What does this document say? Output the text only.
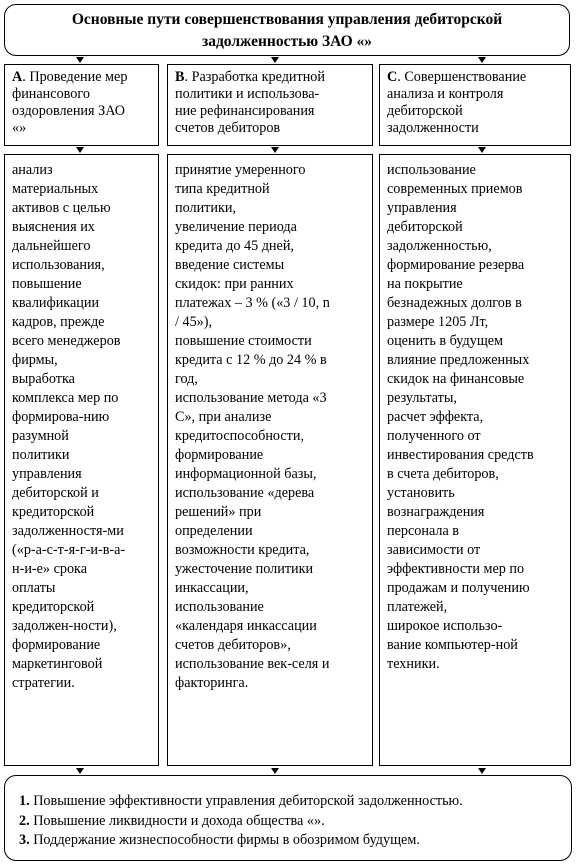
Основные пути совершенствования управления дебиторской
задолженностью ЗАО «»
А. Проведение мер
финансового
оздоровления ЗАО
«»
В. Разработка кредитной
политики и использова-
ние рефинансирования
счетов дебиторов
С. Совершенствование
анализа и контроля
дебиторской
задолженности
анализ
материальных
активов с целью
выяснения их
дальнейшего
использования,
повышение
квалификации
кадров, прежде
всего менеджеров
фирмы,
выработка
комплекса мер по
формирова-нию
разумной
политики
управления
дебиторской и
кредиторской
задолженностя-ми
(«р-а-с-т-я-г-и-в-а-
н-и-е» срока
оплаты
кредиторской
задолжен-ности),
формирование
маркетинговой
стратегии.
принятие умеренного
типа кредитной
политики,
увеличение периода
кредита до 45 дней,
введение системы
скидок: при ранних
платежах – 3 % («3 / 10, n
/ 45»),
повышение стоимости
кредита с 12 % до 24 % в
год,
использование метода «3
С», при анализе
кредитоспособности,
формирование
информационной базы,
использование «дерева
решений» при
определении
возможности кредита,
ужесточение политики
инкассации,
использование
«календаря инкассации
счетов дебиторов»,
использование век-селя и
факторинга.
использование
современных приемов
управления
дебиторской
задолженностью,
формирование резерва
на покрытие
безнадежных долгов в
размере 1205 Лт,
оценить в будущем
влияние предложенных
скидок на финансовые
результаты,
расчет эффекта,
полученного от
инвестирования средств
в счета дебиторов,
установить
вознаграждения
персонала в
зависимости от
эффективности мер по
продажам и получению
платежей,
широкое использо-
вание компьютер-ной
техники.
1. Повышение эффективности управления дебиторской задолженностью.
2. Повышение ликвидности и дохода общества «».
3. Поддержание жизнеспособности фирмы в обозримом будущем.
